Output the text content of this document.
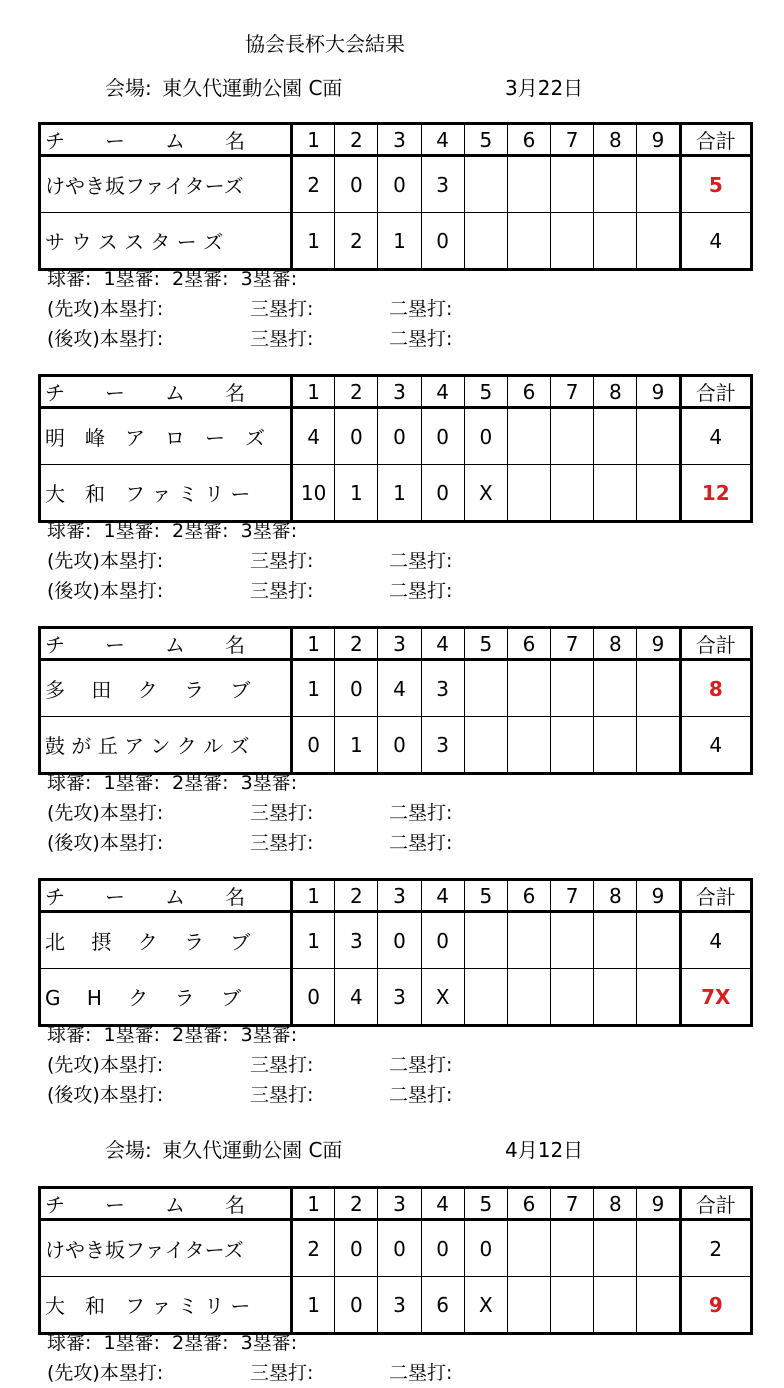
協会長杯大会結果
会場: 東久代運動公園 C面	3月22日
会場: 東久代運動公園 C面	4月12日
チ　　ー　　ム　　名	1	2	3	4	5	6	7	8	9	合計
けやき坂ファイターズ	2	0	0	3						5
サ ウ ス ス タ ー ズ	1	2	1	0						4
球審:  1塁審:  2塁審:  3塁審:
(先攻)本塁打:	三塁打:	二塁打:
(後攻)本塁打:	三塁打:	二塁打:
チ　　ー　　ム　　名	1	2	3	4	5	6	7	8	9	合計
明　峰　ア　ロ　ー　ズ	4	0	0	0	0					4
大　和　フ ァ ミ リ ー	10	1	1	0	X					12
球審:  1塁審:  2塁審:  3塁審:
(先攻)本塁打:	三塁打:	二塁打:
(後攻)本塁打:	三塁打:	二塁打:
チ　　ー　　ム　　名	1	2	3	4	5	6	7	8	9	合計
多　 田　 ク　 ラ　 ブ	1	0	4	3						8
鼓 が 丘 ア ン ク ル ズ	0	1	0	3						4
球審:  1塁審:  2塁審:  3塁審:
(先攻)本塁打:	三塁打:	二塁打:
(後攻)本塁打:	三塁打:	二塁打:
チ　　ー　　ム　　名	1	2	3	4	5	6	7	8	9	合計
北　 摂　 ク　 ラ　 ブ	1	3	0	0						4
G　 H　 ク　 ラ　 ブ	0	4	3	X						7X
球審:  1塁審:  2塁審:  3塁審:
(先攻)本塁打:	三塁打:	二塁打:
(後攻)本塁打:	三塁打:	二塁打:
チ　　ー　　ム　　名	1	2	3	4	5	6	7	8	9	合計
けやき坂ファイターズ	2	0	0	0	0					2
大　和　フ ァ ミ リ ー	1	0	3	6	X					9
球審:  1塁審:  2塁審:  3塁審:
(先攻)本塁打:	三塁打:	二塁打:
